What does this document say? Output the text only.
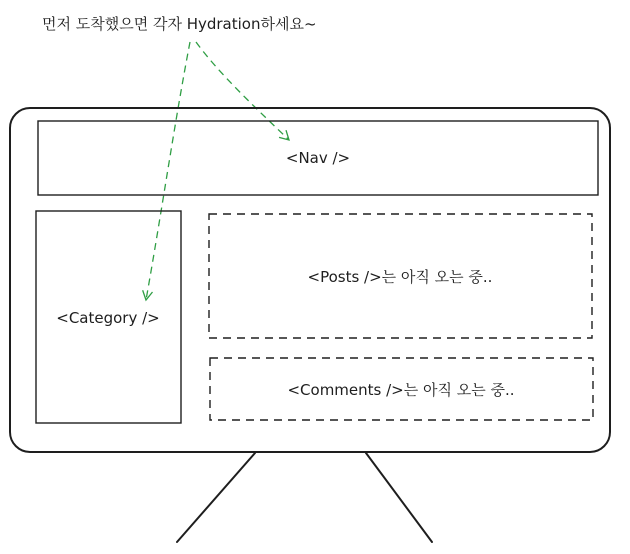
먼저 도착했으면 각자 Hydration하세요~
<Nav />
<Category />
<Posts />는 아직 오는 중..
<Comments />는 아직 오는 중..
